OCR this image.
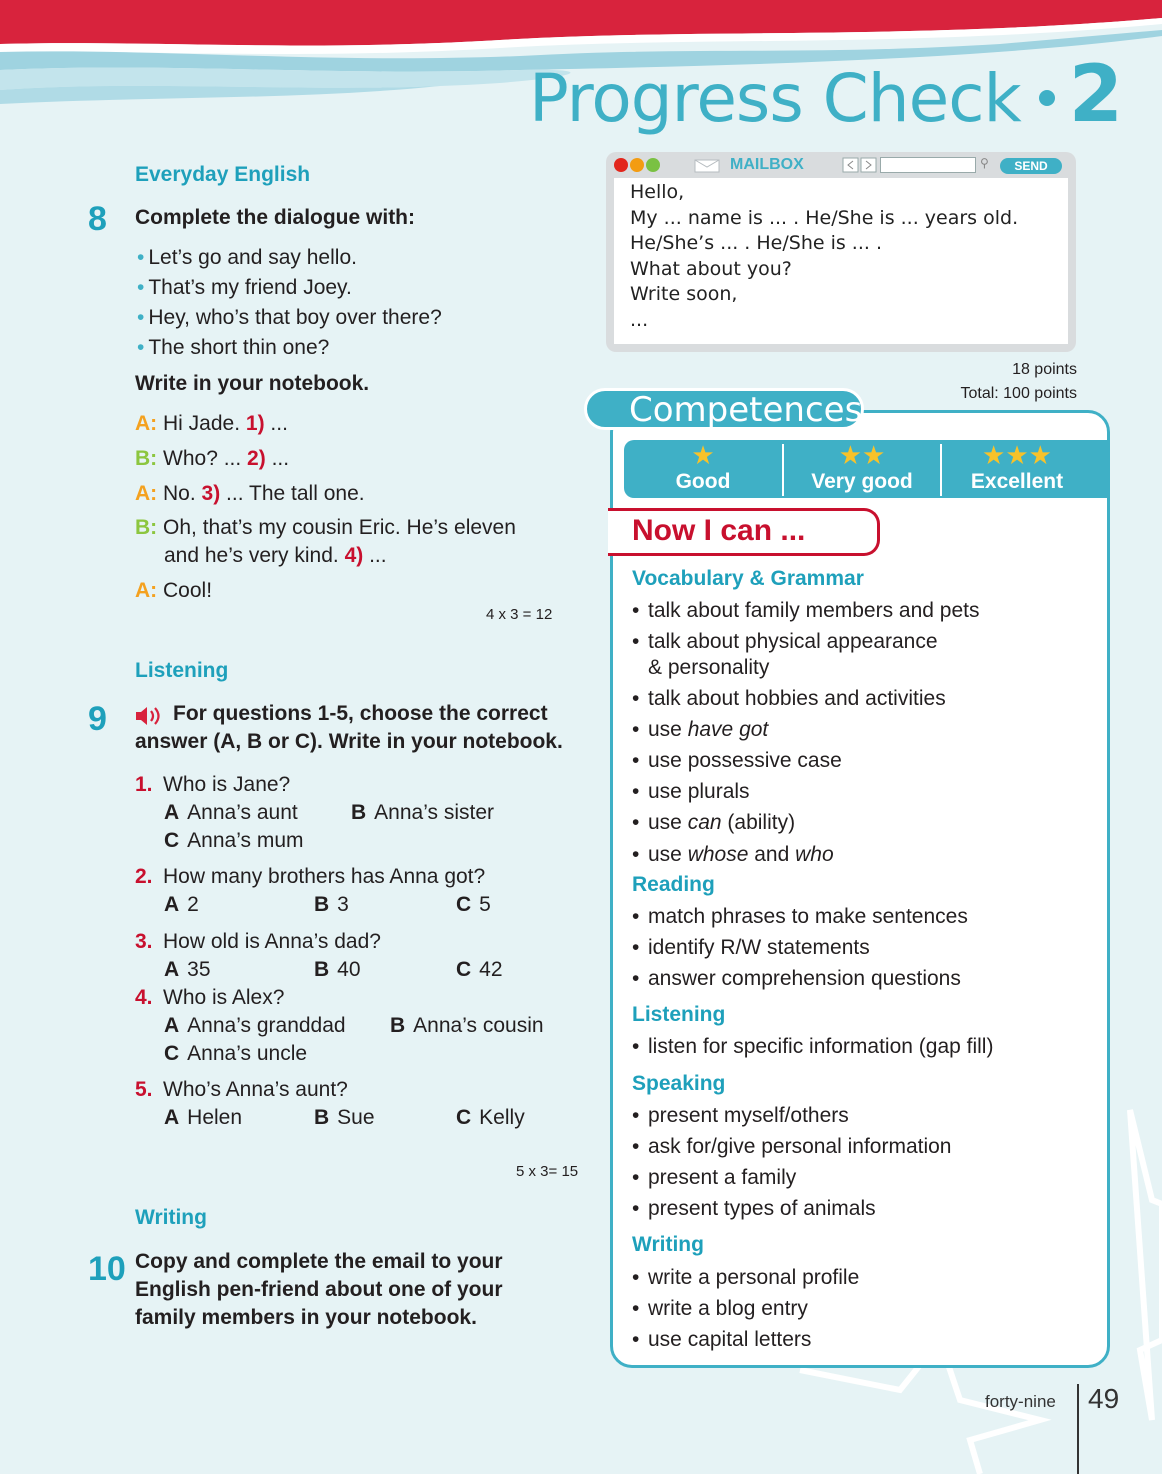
Progress Check 2
Everyday English
8 Complete the dialogue with:
• Let’s go and say hello.
• That’s my friend Joey.
• Hey, who’s that boy over there?
• The short thin one?
Write in your notebook.
A: Hi Jade. 1) ...
B: Who? ... 2) ...
A: No. 3) ... The tall one.
B: Oh, that’s my cousin Eric. He’s eleven
and he’s very kind. 4) ...
A: Cool!
4 x 3 = 12
Listening
9	For questions 1-5, choose the correct
answer (A, B or C). Write in your notebook.
1. Who is Jane?
A Anna’s aunt	B Anna’s sister
C Anna’s mum
2. How many brothers has Anna got?
A 2	B 3	C 5
3. How old is Anna’s dad?
A 35	B 40	C 42
4. Who is Alex?
A Anna’s granddad B Anna’s cousin
C Anna’s uncle
5. Who’s Anna’s aunt?
A Helen	B Sue	C Kelly
5 x 3= 15
Writing
10 Copy and complete the email to your
English pen-friend about one of your
family members in your notebook.
MAILBOX	⚲	SEND
Hello,
My ... name is ... . He/She is ... years old.
He/She’s ... . He/She is ... .
What about you?
Write soon,
...
18 points
Total: 100 points
Competences
★
Good
★★
Very good
★★★
Excellent
Now I can ...
Vocabulary & Grammar
• talk about family members and pets
• talk about physical appearance
& personality
• talk about hobbies and activities
• use have got
• use possessive case
• use plurals
• use can (ability)
• use whose and who
Reading
• match phrases to make sentences
• identify R/W statements
• answer comprehension questions
Listening
• listen for specific information (gap fill)
Speaking
• present myself/others
• ask for/give personal information
• present a family
• present types of animals
Writing
• write a personal profile
• write a blog entry
• use capital letters
forty-nine 49
